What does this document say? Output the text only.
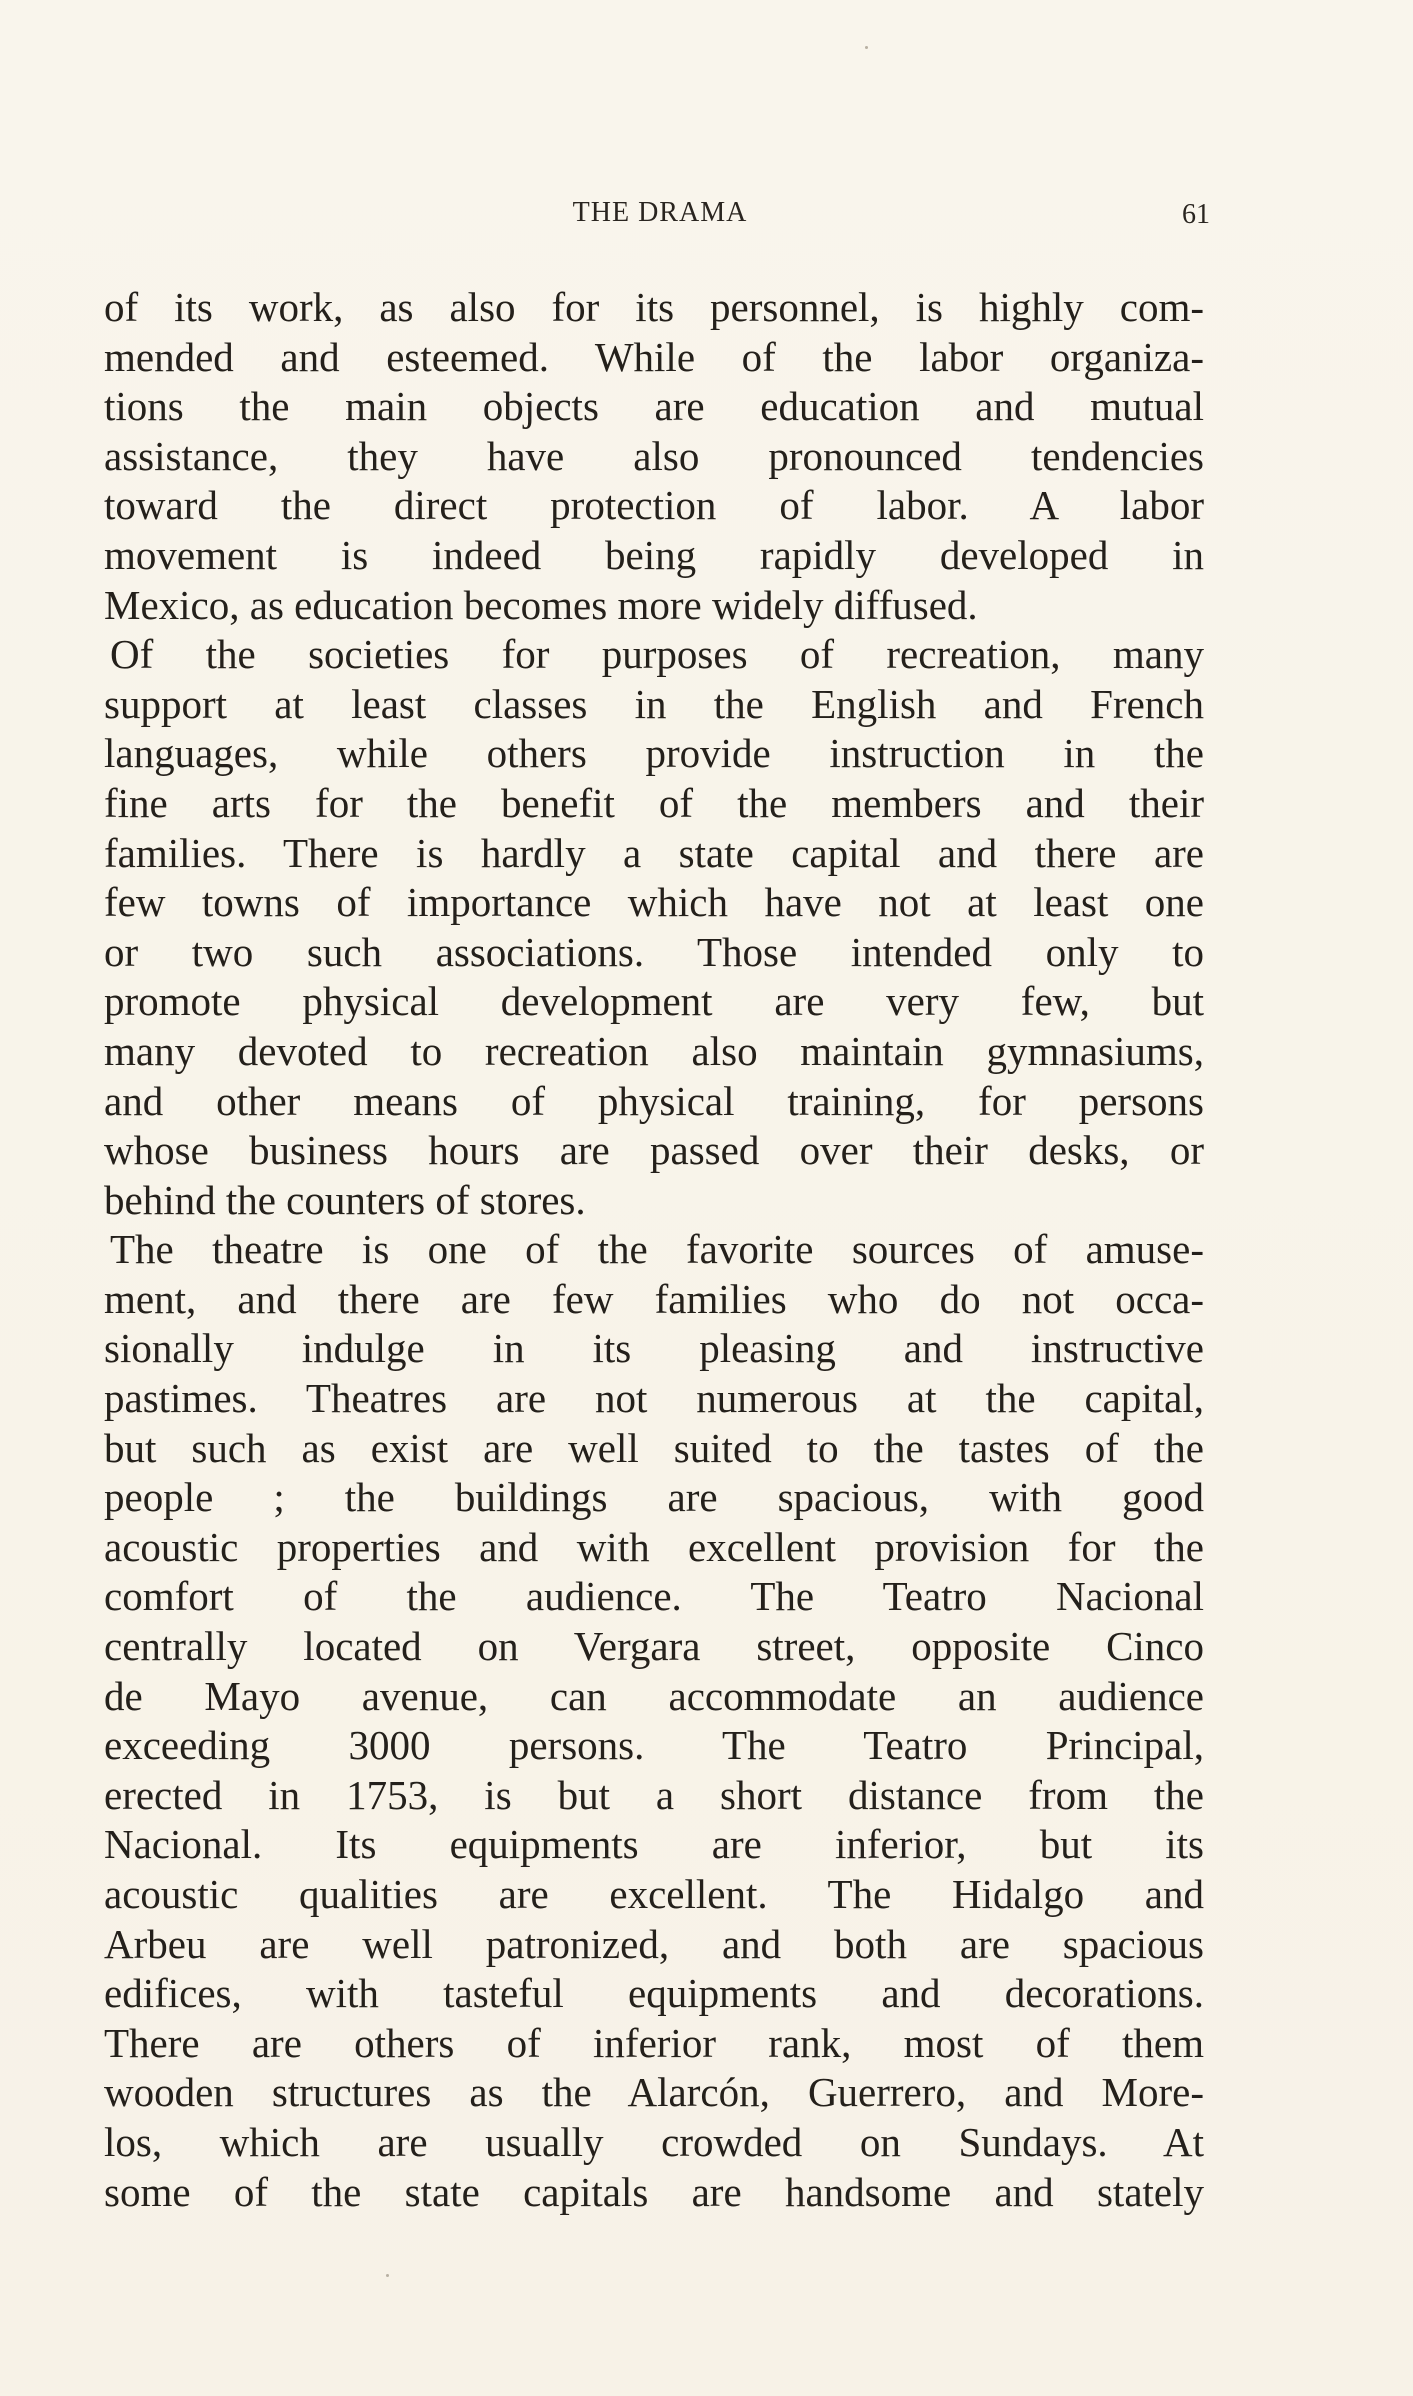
THE DRAMA	61
of its work, as also for its personnel, is highly com-
mended and esteemed. While of the labor organiza-
tions the main objects are education and mutual
assistance, they have also pronounced tendencies
toward the direct protection of labor. A labor
movement is indeed being rapidly developed in
Mexico, as education becomes more widely diffused.
Of the societies for purposes of recreation, many
support at least classes in the English and French
languages, while others provide instruction in the
fine arts for the benefit of the members and their
families. There is hardly a state capital and there are
few towns of importance which have not at least one
or two such associations. Those intended only to
promote physical development are very few, but
many devoted to recreation also maintain gymnasiums,
and other means of physical training, for persons
whose business hours are passed over their desks, or
behind the counters of stores.
The theatre is one of the favorite sources of amuse-
ment, and there are few families who do not occa-
sionally indulge in its pleasing and instructive
pastimes. Theatres are not numerous at the capital,
but such as exist are well suited to the tastes of the
people ; the buildings are spacious, with good
acoustic properties and with excellent provision for the
comfort of the audience. The Teatro Nacional
centrally located on Vergara street, opposite Cinco
de Mayo avenue, can accommodate an audience
exceeding 3000 persons. The Teatro Principal,
erected in 1753, is but a short distance from the
Nacional. Its equipments are inferior, but its
acoustic qualities are excellent. The Hidalgo and
Arbeu are well patronized, and both are spacious
edifices, with tasteful equipments and decorations.
There are others of inferior rank, most of them
wooden structures as the Alarcón, Guerrero, and More-
los, which are usually crowded on Sundays. At
some of the state capitals are handsome and stately
